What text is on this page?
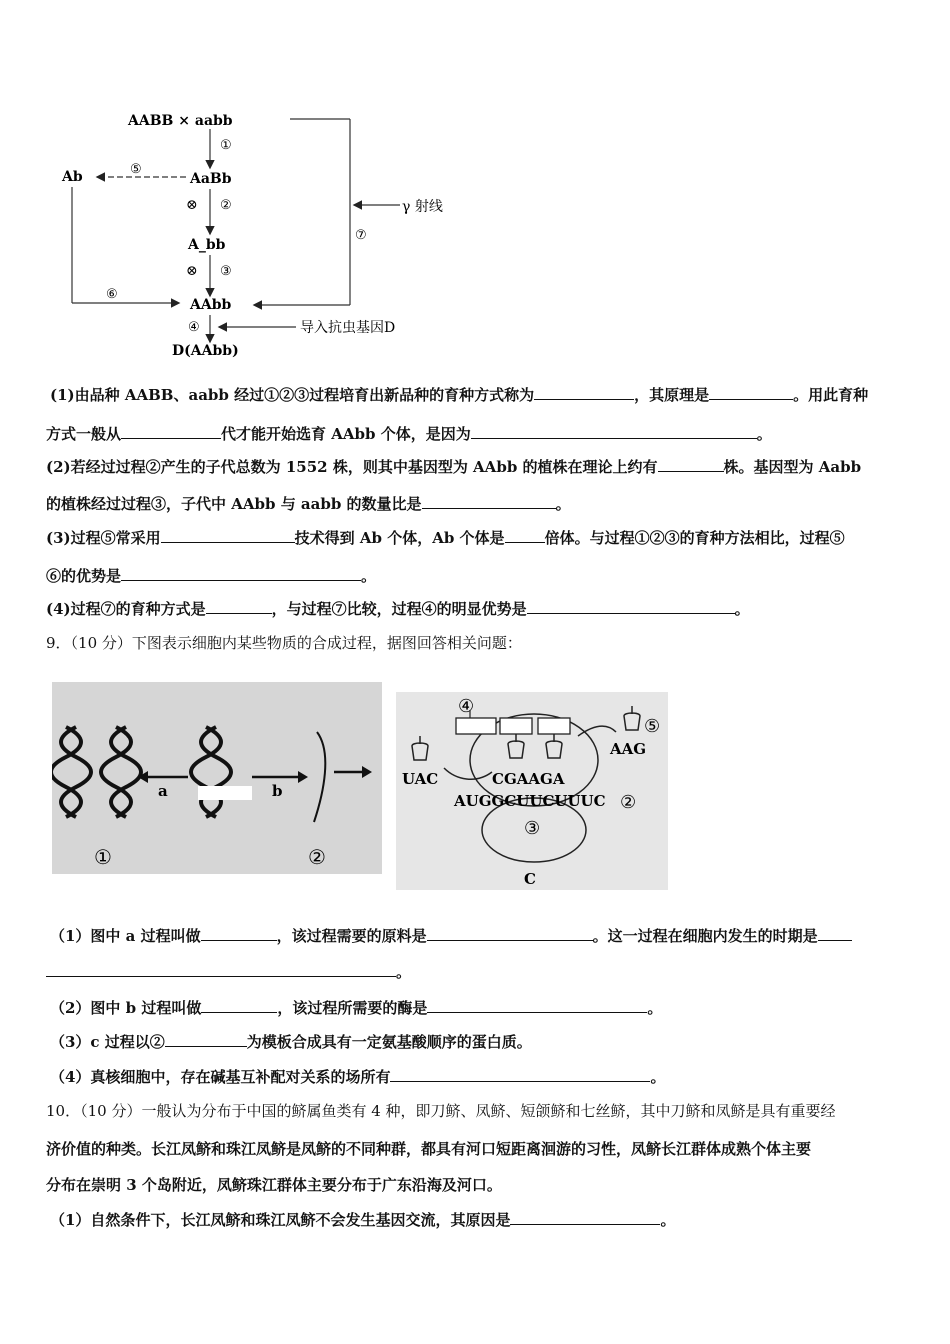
AABB × aabb
①
AaBb
⑤
Ab
⑥
⊗ ②	γ 射线
⑦
A_bb
⊗ ③
AAbb
④	导入抗虫基因D
D(AAbb)
(1)由品种 AABB、aabb 经过①②③过程培育出新品种的育种方式称为	，其原理是	。用此育种
方式一般从	代才能开始选育 AAbb 个体，是因为	。
(2)若经过过程②产生的子代总数为 1552 株，则其中基因型为 AAbb 的植株在理论上约有	株。基因型为 Aabb
的植株经过过程③，子代中 AAbb 与 aabb 的数量比是	。
(3)过程⑤常采用	技术得到 Ab 个体，Ab 个体是	倍体。与过程①②③的育种方法相比，过程⑤
⑥的优势是	。
(4)过程⑦的育种方式是	，与过程⑦比较，过程④的明显优势是	。
9．（10 分）下图表示细胞内某些物质的合成过程，据图回答相关问题：
a	b
①	②
④
⑤
AAG
UAC	CGAAGA
AUGGCUUCUUUC ②
③
C
（1）图中 a 过程叫做	，该过程需要的原料是	。这一过程在细胞内发生的时期是
。
（2）图中 b 过程叫做	，该过程所需要的酶是	。
（3）c 过程以②	为模板合成具有一定氨基酸顺序的蛋白质。
（4）真核细胞中，存在碱基互补配对关系的场所有	。
10．（10 分）一般认为分布于中国的鲚属鱼类有 4 种，即刀鲚、凤鲚、短颌鲚和七丝鲚，其中刀鲚和凤鲚是具有重要经
济价值的种类。长江凤鲚和珠江凤鲚是凤鲚的不同种群，都具有河口短距离洄游的习性，凤鲚长江群体成熟个体主要
分布在崇明 3 个岛附近，凤鲚珠江群体主要分布于广东沿海及河口。
（1）自然条件下，长江凤鲚和珠江凤鲚不会发生基因交流，其原因是	。
